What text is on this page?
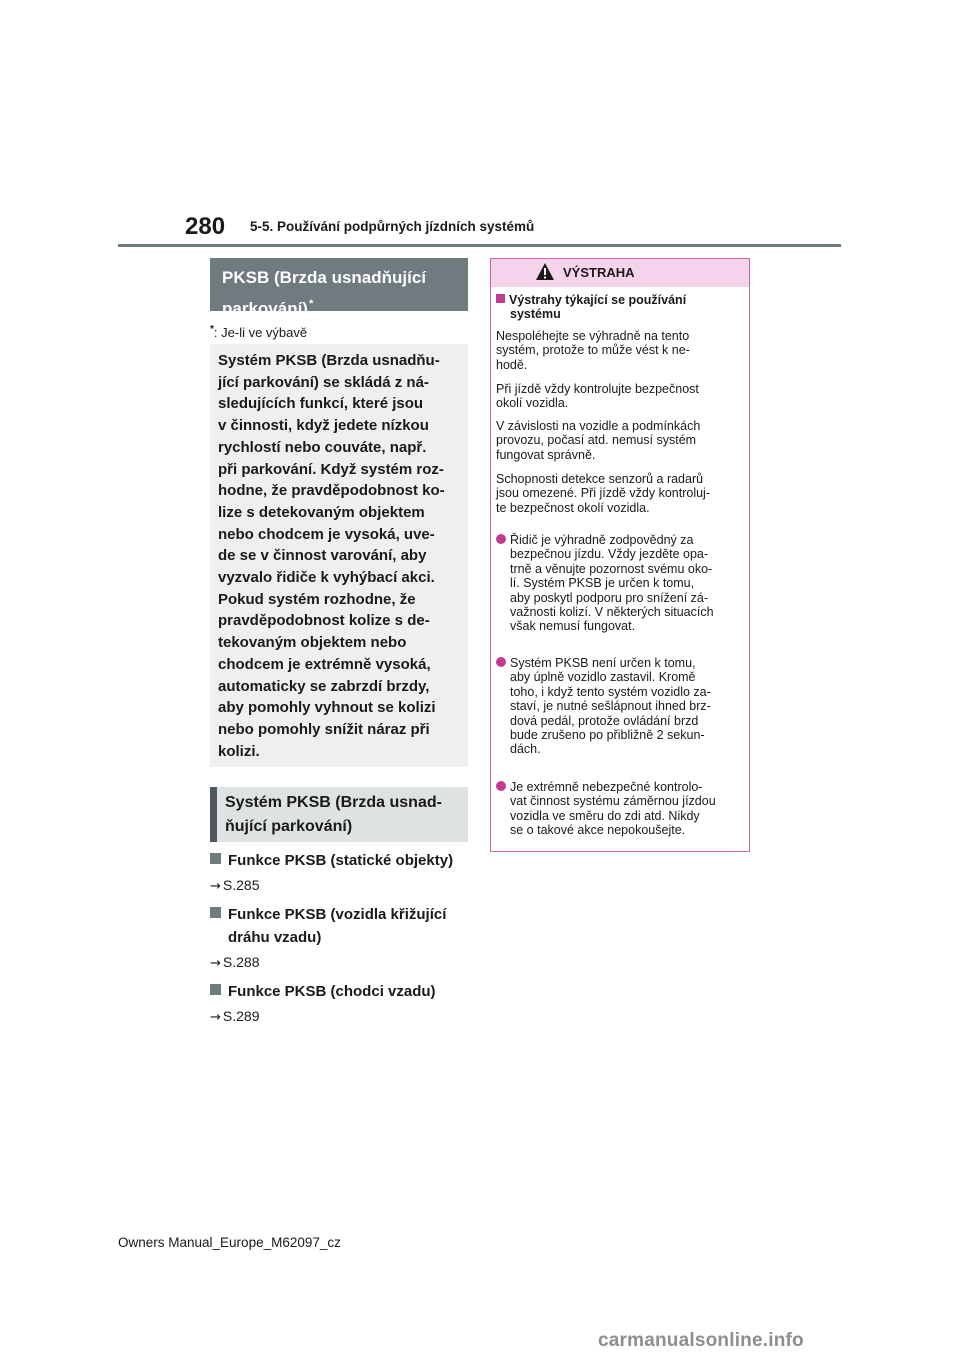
280 5-5. Používání podpůrných jízdních systémů
PKSB (Brzda usnadňující parkování)*
*: Je-li ve výbavě
Systém PKSB (Brzda usnadňu-
jící parkování) se skládá z ná-
sledujících funkcí, které jsou
v činnosti, když jedete nízkou
rychlostí nebo couváte, např.
při parkování. Když systém roz-
hodne, že pravděpodobnost ko-
lize s detekovaným objektem
nebo chodcem je vysoká, uve-
de se v činnost varování, aby
vyzvalo řidiče k vyhýbací akci.
Pokud systém rozhodne, že
pravděpodobnost kolize s de-
tekovaným objektem nebo
chodcem je extrémně vysoká,
automaticky se zabrzdí brzdy,
aby pomohly vyhnout se kolizi
nebo pomohly snížit náraz při
kolizi.
Systém PKSB (Brzda usnad-
ňující parkování)
Funkce PKSB (statické objekty)
→ S.285
Funkce PKSB (vozidla křižující
dráhu vzadu)
→ S.288
Funkce PKSB (chodci vzadu)
→ S.289
VÝSTRAHA
Výstrahy týkající se používání
systému
Nespoléhejte se výhradně na tento
systém, protože to může vést k ne-
hodě.
Při jízdě vždy kontrolujte bezpečnost
okolí vozidla.
V závislosti na vozidle a podmínkách
provozu, počasí atd. nemusí systém
fungovat správně.
Schopnosti detekce senzorů a radarů
jsou omezené. Při jízdě vždy kontroluj-
te bezpečnost okolí vozidla.
Řidič je výhradně zodpovědný za
bezpečnou jízdu. Vždy jezděte opa-
trně a věnujte pozornost svému oko-
lí. Systém PKSB je určen k tomu,
aby poskytl podporu pro snížení zá-
važnosti kolizí. V některých situacích
však nemusí fungovat.
Systém PKSB není určen k tomu,
aby úplně vozidlo zastavil. Kromě
toho, i když tento systém vozidlo za-
staví, je nutné sešlápnout ihned brz-
dová pedál, protože ovládání brzd
bude zrušeno po přibližně 2 sekun-
dách.
Je extrémně nebezpečné kontrolo-
vat činnost systému záměrnou jízdou
vozidla ve směru do zdi atd. Nikdy
se o takové akce nepokoušejte.
Owners Manual_Europe_M62097_cz
carmanualsonline.info
